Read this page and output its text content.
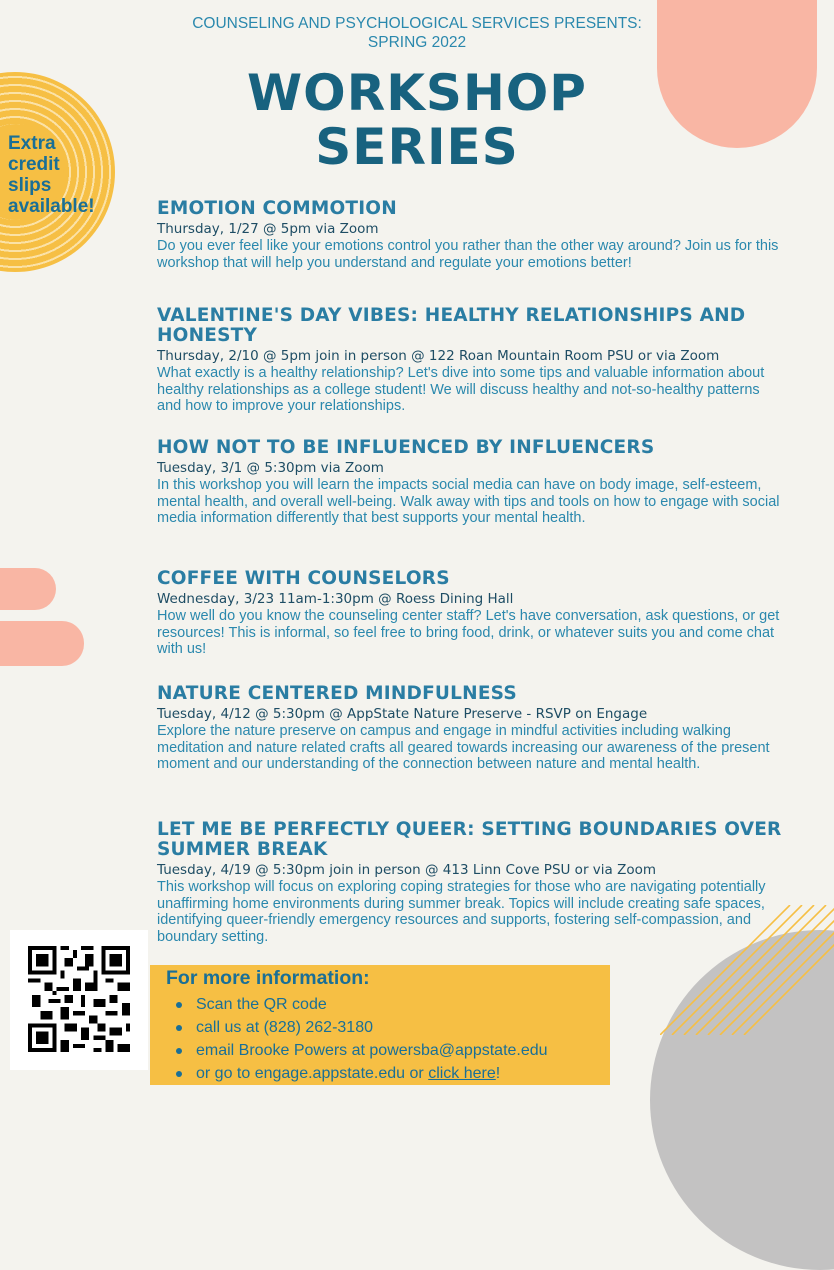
Extra
credit
slips
available!
COUNSELING AND PSYCHOLOGICAL SERVICES PRESENTS:
SPRING 2022
WORKSHOP
SERIES
EMOTION COMMOTION
Thursday, 1/27 @ 5pm via Zoom
Do you ever feel like your emotions control you rather than the other way around? Join us for this workshop that will help you understand and regulate your emotions better!
VALENTINE'S DAY VIBES: HEALTHY RELATIONSHIPS AND HONESTY
Thursday, 2/10 @ 5pm join in person @ 122 Roan Mountain Room PSU or via Zoom
What exactly is a healthy relationship? Let's dive into some tips and valuable information about healthy relationships as a college student! We will discuss healthy and not-so-healthy patterns and how to improve your relationships.
HOW NOT TO BE INFLUENCED BY INFLUENCERS
Tuesday, 3/1 @ 5:30pm via Zoom
In this workshop you will learn the impacts social media can have on body image, self-esteem, mental health, and overall well-being. Walk away with tips and tools on how to engage with social media information differently that best supports your mental health.
COFFEE WITH COUNSELORS
Wednesday, 3/23 11am-1:30pm @ Roess Dining Hall
How well do you know the counseling center staff? Let's have conversation, ask questions, or get resources! This is informal, so feel free to bring food, drink, or whatever suits you and come chat with us!
NATURE CENTERED MINDFULNESS
Tuesday, 4/12 @ 5:30pm @ AppState Nature Preserve - RSVP on Engage
Explore the nature preserve on campus and engage in mindful activities including walking meditation and nature related crafts all geared towards increasing our awareness of the present moment and our understanding of the connection between nature and mental health.
LET ME BE PERFECTLY QUEER: SETTING BOUNDARIES OVER SUMMER BREAK
Tuesday, 4/19 @ 5:30pm join in person @ 413 Linn Cove PSU or via Zoom
This workshop will focus on exploring coping strategies for those who are navigating potentially unaffirming home environments during summer break. Topics will include creating safe spaces, identifying queer-friendly emergency resources and supports, fostering self-compassion, and boundary setting.
For more information:
Scan the QR code
call us at (828) 262-3180
email Brooke Powers at powersba@appstate.edu
or go to engage.appstate.edu or click here!
